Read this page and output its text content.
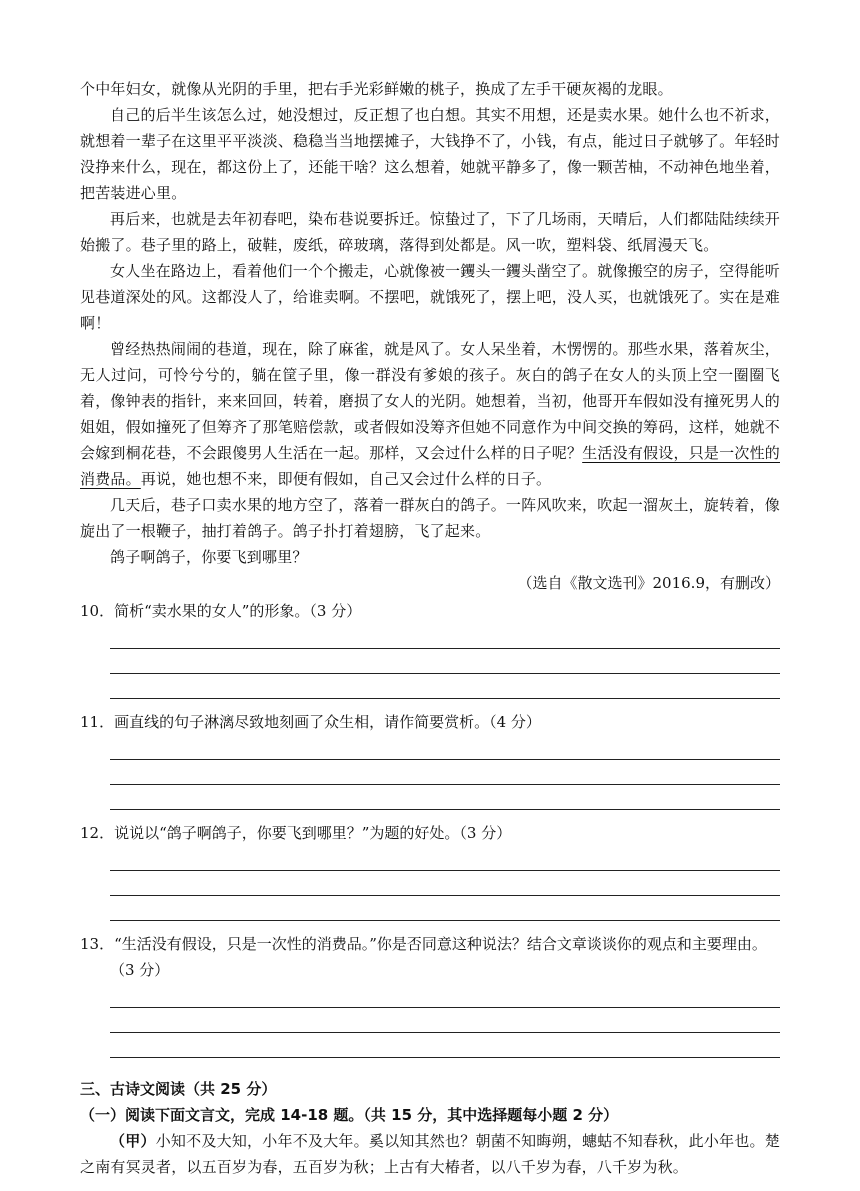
个中年妇女，就像从光阴的手里，把右手光彩鲜嫩的桃子，换成了左手干硬灰褐的龙眼。

自己的后半生该怎么过，她没想过，反正想了也白想。其实不用想，还是卖水果。她什么也不祈求，就想着一辈子在这里平平淡淡、稳稳当当地摆摊子，大钱挣不了，小钱，有点，能过日子就够了。年轻时没挣来什么，现在，都这份上了，还能干啥？这么想着，她就平静多了，像一颗苦柚，不动神色地坐着，把苦装进心里。

再后来，也就是去年初春吧，染布巷说要拆迁。惊蛰过了，下了几场雨，天晴后，人们都陆陆续续开始搬了。巷子里的路上，破鞋，废纸，碎玻璃，落得到处都是。风一吹，塑料袋、纸屑漫天飞。

女人坐在路边上，看着他们一个个搬走，心就像被一钁头一钁头凿空了。就像搬空的房子，空得能听见巷道深处的风。这都没人了，给谁卖啊。不摆吧，就饿死了，摆上吧，没人买，也就饿死了。实在是难啊！

曾经热热闹闹的巷道，现在，除了麻雀，就是风了。女人呆坐着，木愣愣的。那些水果，落着灰尘，无人过问，可怜兮兮的，躺在筐子里，像一群没有爹娘的孩子。灰白的鸽子在女人的头顶上空一圈圈飞着，像钟表的指针，来来回回，转着，磨损了女人的光阴。她想着，当初，他哥开车假如没有撞死男人的姐姐，假如撞死了但筹齐了那笔赔偿款，或者假如没筹齐但她不同意作为中间交换的筹码，这样，她就不会嫁到桐花巷，不会跟傻男人生活在一起。那样，又会过什么样的日子呢？生活没有假设，只是一次性的消费品。再说，她也想不来，即便有假如，自己又会过什么样的日子。

几天后，巷子口卖水果的地方空了，落着一群灰白的鸽子。一阵风吹来，吹起一溜灰土，旋转着，像旋出了一根鞭子，抽打着鸽子。鸽子扑打着翅膀，飞了起来。

鸽子啊鸽子，你要飞到哪里？

（选自《散文选刊》2016.9，有删改）

10．简析“卖水果的女人”的形象。（3 分）

11．画直线的句子淋漓尽致地刻画了众生相，请作简要赏析。（4 分）

12．说说以“鸽子啊鸽子，你要飞到哪里？”为题的好处。（3 分）

13．“生活没有假设，只是一次性的消费品。”你是否同意这种说法？结合文章谈谈你的观点和主要理由。（3 分）

三、古诗文阅读（共 25 分）

（一）阅读下面文言文，完成 14-18 题。（共 15 分，其中选择题每小题 2 分）

（甲）小知不及大知，小年不及大年。奚以知其然也？朝菌不知晦朔，蟪蛄不知春秋，此小年也。楚之南有冥灵者，以五百岁为春，五百岁为秋；上古有大椿者，以八千岁为春，八千岁为秋。
